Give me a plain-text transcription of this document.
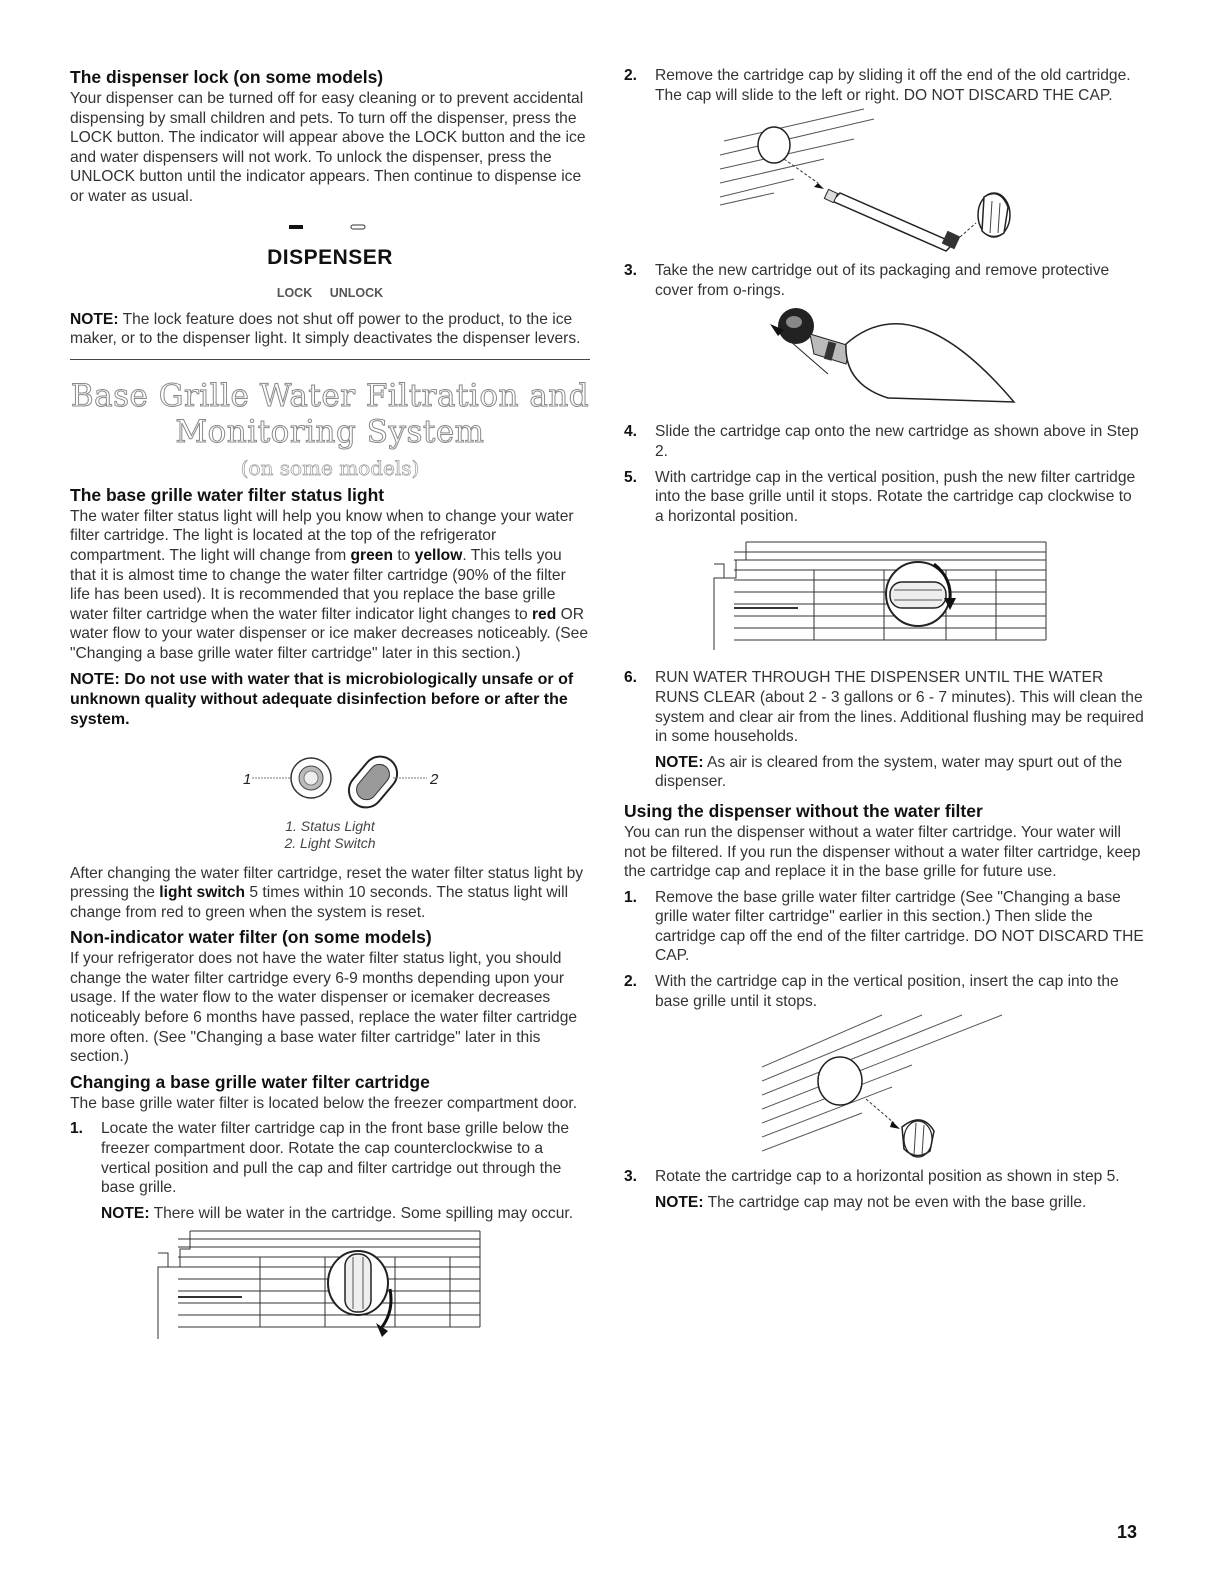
The dispenser lock (on some models)

Your dispenser can be turned off for easy cleaning or to prevent accidental dispensing by small children and pets. To turn off the dispenser, press the LOCK button. The indicator will appear above the LOCK button and the ice and water dispensers will not work. To unlock the dispenser, press the UNLOCK button until the indicator appears. Then continue to dispense ice or water as usual.

DISPENSER
LOCK UNLOCK

NOTE: The lock feature does not shut off power to the product, to the ice maker, or to the dispenser light. It simply deactivates the dispenser levers.

Base Grille Water Filtration and
Monitoring System
(on some models)
The base grille water filter status light

The water filter status light will help you know when to change your water filter cartridge. The light is located at the top of the refrigerator compartment. The light will change from green to yellow. This tells you that it is almost time to change the water filter cartridge (90% of the filter life has been used). It is recommended that you replace the base grille water filter cartridge when the water filter indicator light changes to red OR water flow to your water dispenser or ice maker decreases noticeably. (See "Changing a base grille water filter cartridge" later in this section.)

NOTE: Do not use with water that is microbiologically unsafe or of unknown quality without adequate disinfection before or after the system.

1	2
1. Status Light
2. Light Switch

After changing the water filter cartridge, reset the water filter status light by pressing the light switch 5 times within 10 seconds. The status light will change from red to green when the system is reset.

Non-indicator water filter (on some models)

If your refrigerator does not have the water filter status light, you should change the water filter cartridge every 6-9 months depending upon your usage. If the water flow to the water dispenser or icemaker decreases noticeably before 6 months have passed, replace the water filter cartridge more often. (See "Changing a base water filter cartridge" later in this section.)

Changing a base grille water filter cartridge

The base grille water filter is located below the freezer compartment door.

1. Locate the water filter cartridge cap in the front base grille below the freezer compartment door. Rotate the cap counterclockwise to a vertical position and pull the cap and filter cartridge out through the base grille.
NOTE: There will be water in the cartridge. Some spilling may occur.
2. Remove the cartridge cap by sliding it off the end of the old cartridge. The cap will slide to the left or right. DO NOT DISCARD THE CAP.
3. Take the new cartridge out of its packaging and remove protective cover from o-rings.
4. Slide the cartridge cap onto the new cartridge as shown above in Step 2.
5. With cartridge cap in the vertical position, push the new filter cartridge into the base grille until it stops. Rotate the cartridge cap clockwise to a horizontal position.
6. RUN WATER THROUGH THE DISPENSER UNTIL THE WATER RUNS CLEAR (about 2 - 3 gallons or 6 - 7 minutes). This will clean the system and clear air from the lines. Additional flushing may be required in some households.
NOTE: As air is cleared from the system, water may spurt out of the dispenser.
Using the dispenser without the water filter

You can run the dispenser without a water filter cartridge. Your water will not be filtered. If you run the dispenser without a water filter cartridge, keep the cartridge cap and replace it in the base grille for future use.

1. Remove the base grille water filter cartridge (See "Changing a base grille water filter cartridge" earlier in this section.) Then slide the cartridge cap off the end of the filter cartridge. DO NOT DISCARD THE CAP.
2. With the cartridge cap in the vertical position, insert the cap into the base grille until it stops.
3. Rotate the cartridge cap to a horizontal position as shown in step 5.
NOTE: The cartridge cap may not be even with the base grille.
13
